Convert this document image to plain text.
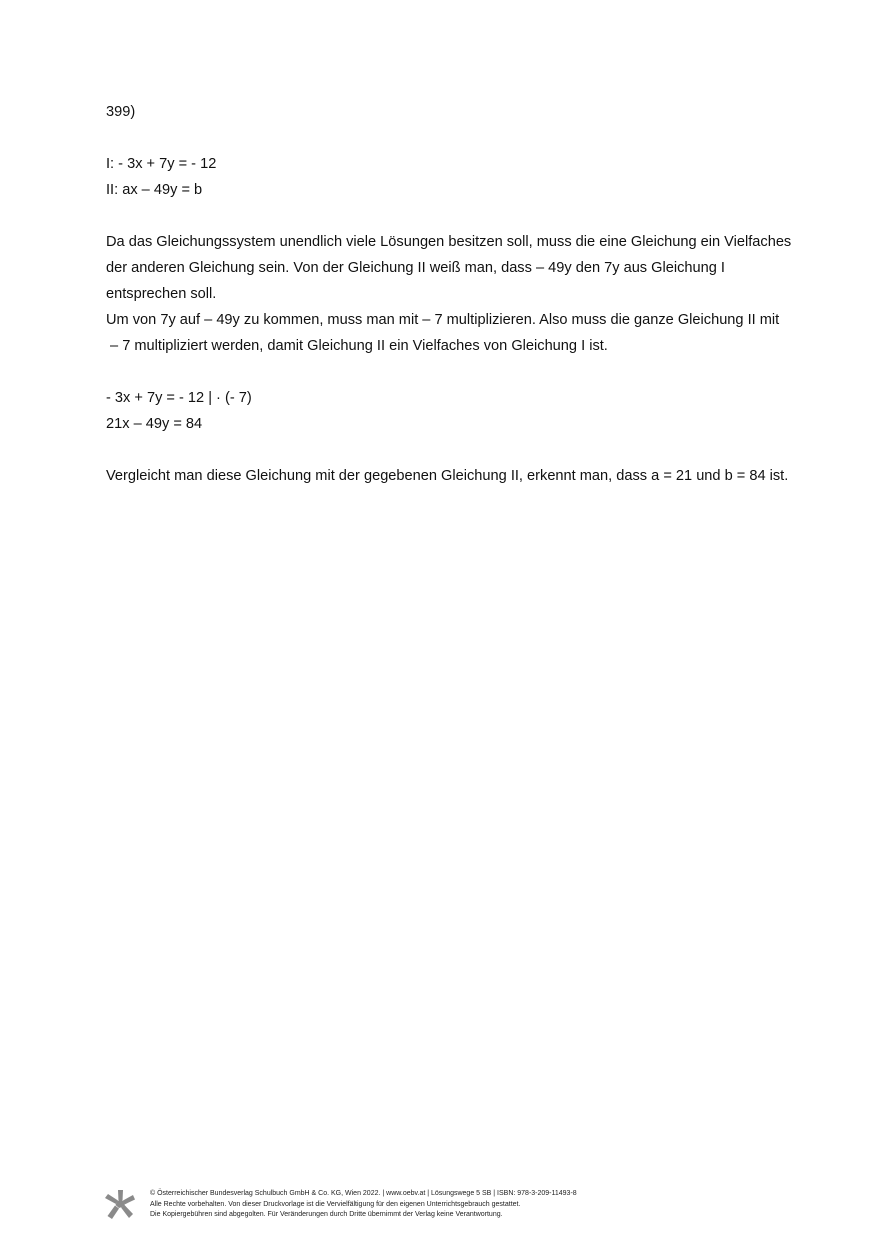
399)
I: - 3x + 7y = - 12
II: ax – 49y = b
Da das Gleichungssystem unendlich viele Lösungen besitzen soll, muss die eine Gleichung ein Vielfaches
der anderen Gleichung sein. Von der Gleichung II weiß man, dass – 49y den 7y aus Gleichung I
entsprechen soll.
Um von 7y auf – 49y zu kommen, muss man mit – 7 multiplizieren. Also muss die ganze Gleichung II mit
– 7 multipliziert werden, damit Gleichung II ein Vielfaches von Gleichung I ist.
- 3x + 7y = - 12 | · (- 7)
21x – 49y = 84
Vergleicht man diese Gleichung mit der gegebenen Gleichung II, erkennt man, dass a = 21 und b = 84 ist.
© Österreichischer Bundesverlag Schulbuch GmbH & Co. KG, Wien 2022. | www.oebv.at | Lösungswege 5 SB | ISBN: 978-3-209-11493-8
Alle Rechte vorbehalten. Von dieser Druckvorlage ist die Vervielfältigung für den eigenen Unterrichtsgebrauch gestattet.
Die Kopiergebühren sind abgegolten. Für Veränderungen durch Dritte übernimmt der Verlag keine Verantwortung.
